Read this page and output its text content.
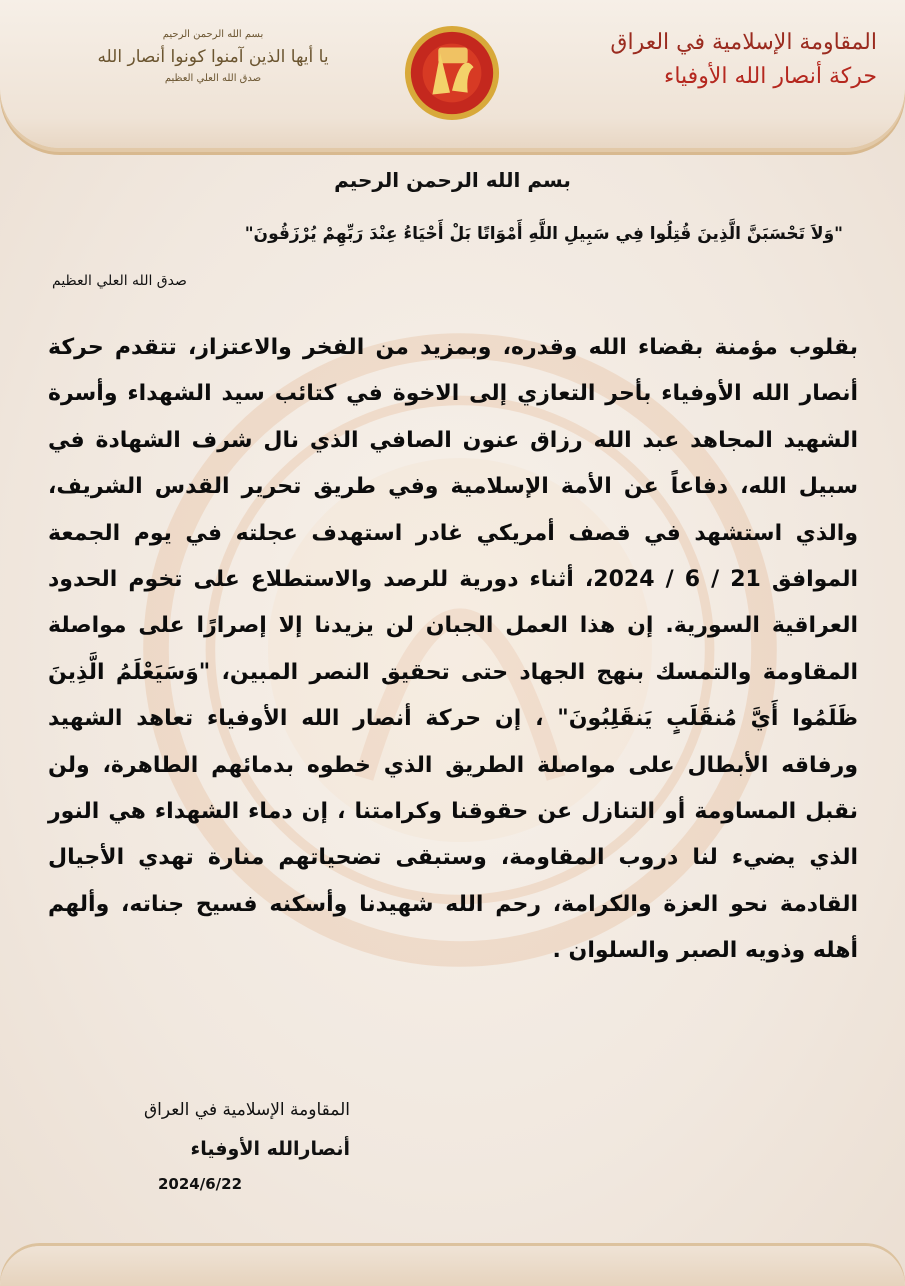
بسم الله الرحمن الرحيم
يا أيها الذين آمنوا كونوا أنصار الله
صدق الله العلي العظيم
المقاومة الإسلامية في العراق
حركة أنصار الله الأوفياء
بسم الله الرحمن الرحيم
"وَلاَ تَحْسَبَنَّ الَّذِينَ قُتِلُوا فِي سَبِيلِ اللَّهِ أَمْوَاتًا بَلْ أَحْيَاءُ عِنْدَ رَبِّهِمْ يُرْزَقُونَ"
صدق الله العلي العظيم
بقلوب مؤمنة بقضاء الله وقدره، وبمزيد من الفخر والاعتزاز، تتقدم حركة أنصار الله الأوفياء بأحر التعازي إلى الاخوة في كتائب سيد الشهداء وأسرة الشهيد المجاهد عبد الله رزاق عنون الصافي الذي نال شرف الشهادة في سبيل الله، دفاعاً عن الأمة الإسلامية وفي طريق تحرير القدس الشريف، والذي استشهد في قصف أمريكي غادر استهدف عجلته في يوم الجمعة الموافق 21 / 6 / 2024، أثناء دورية للرصد والاستطلاع على تخوم الحدود العراقية السورية. إن هذا العمل الجبان لن يزيدنا إلا إصرارًا على مواصلة المقاومة والتمسك بنهج الجهاد حتى تحقيق النصر المبين، "وَسَيَعْلَمُ الَّذِينَ ظَلَمُوا أَيَّ مُنقَلَبٍ يَنقَلِبُونَ" ، إن حركة أنصار الله الأوفياء تعاهد الشهيد ورفاقه الأبطال على مواصلة الطريق الذي خطوه بدمائهم الطاهرة، ولن نقبل المساومة أو التنازل عن حقوقنا وكرامتنا ، إن دماء الشهداء هي النور الذي يضيء لنا دروب المقاومة، وستبقى تضحياتهم منارة تهدي الأجيال القادمة نحو العزة والكرامة، رحم الله شهيدنا وأسكنه فسيح جناته، وألهم أهله وذويه الصبر والسلوان .
المقاومة الإسلامية في العراق
أنصارالله الأوفياء
2024/6/22
